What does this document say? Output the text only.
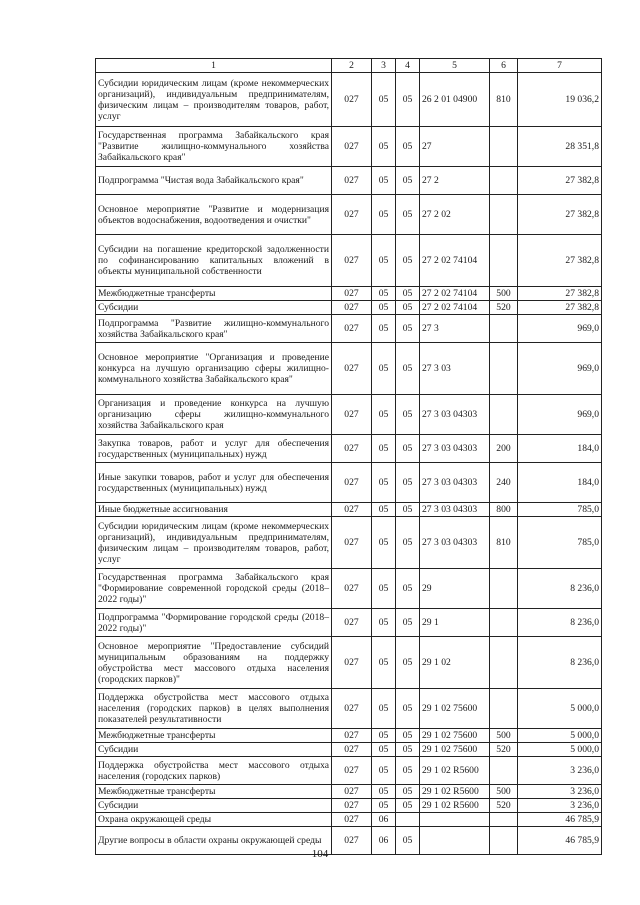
1	2	3	4	5	6	7
Субсидии юридическим лицам (кроме некоммерческих организаций), индивидуальным предпринимателям, физическим лицам – производителям товаров, работ, услуг	027	05	05	26 2 01 04900	810	19 036,2
Государственная программа Забайкальского края "Развитие жилищно-коммунального хозяйства Забайкальского края"	027	05	05	27		28 351,8
Подпрограмма "Чистая вода Забайкальского края"	027	05	05	27 2		27 382,8
Основное мероприятие "Развитие и модернизация объектов водоснабжения, водоотведения и очистки"	027	05	05	27 2 02		27 382,8
Субсидии на погашение кредиторской задолженности по софинансированию капитальных вложений в объекты муниципальной собственности	027	05	05	27 2 02 74104		27 382,8
Межбюджетные трансферты	027	05	05	27 2 02 74104	500	27 382,8
Субсидии	027	05	05	27 2 02 74104	520	27 382,8
Подпрограмма "Развитие жилищно-коммунального хозяйства Забайкальского края"	027	05	05	27 3		969,0
Основное мероприятие "Организация и проведение конкурса на лучшую организацию сферы жилищно-коммунального хозяйства Забайкальского края"	027	05	05	27 3 03		969,0
Организация и проведение конкурса на лучшую организацию сферы жилищно-коммунального хозяйства Забайкальского края	027	05	05	27 3 03 04303		969,0
Закупка товаров, работ и услуг для обеспечения государственных (муниципальных) нужд	027	05	05	27 3 03 04303	200	184,0
Иные закупки товаров, работ и услуг для обеспечения государственных (муниципальных) нужд	027	05	05	27 3 03 04303	240	184,0
Иные бюджетные ассигнования	027	05	05	27 3 03 04303	800	785,0
Субсидии юридическим лицам (кроме некоммерческих организаций), индивидуальным предпринимателям, физическим лицам – производителям товаров, работ, услуг	027	05	05	27 3 03 04303	810	785,0
Государственная программа Забайкальского края "Формирование современной городской среды (2018–2022 годы)"	027	05	05	29		8 236,0
Подпрограмма "Формирование городской среды (2018–2022 годы)"	027	05	05	29 1		8 236,0
Основное мероприятие "Предоставление субсидий муниципальным образованиям на поддержку обустройства мест массового отдыха населения (городских парков)"	027	05	05	29 1 02		8 236,0
Поддержка обустройства мест массового отдыха населения (городских парков) в целях выполнения показателей результативности	027	05	05	29 1 02 75600		5 000,0
Межбюджетные трансферты	027	05	05	29 1 02 75600	500	5 000,0
Субсидии	027	05	05	29 1 02 75600	520	5 000,0
Поддержка обустройства мест массового отдыха населения (городских парков)	027	05	05	29 1 02 R5600		3 236,0
Межбюджетные трансферты	027	05	05	29 1 02 R5600	500	3 236,0
Субсидии	027	05	05	29 1 02 R5600	520	3 236,0
Охрана окружающей среды	027	06				46 785,9
Другие вопросы в области охраны окружающей среды	027	06	05			46 785,9
104
